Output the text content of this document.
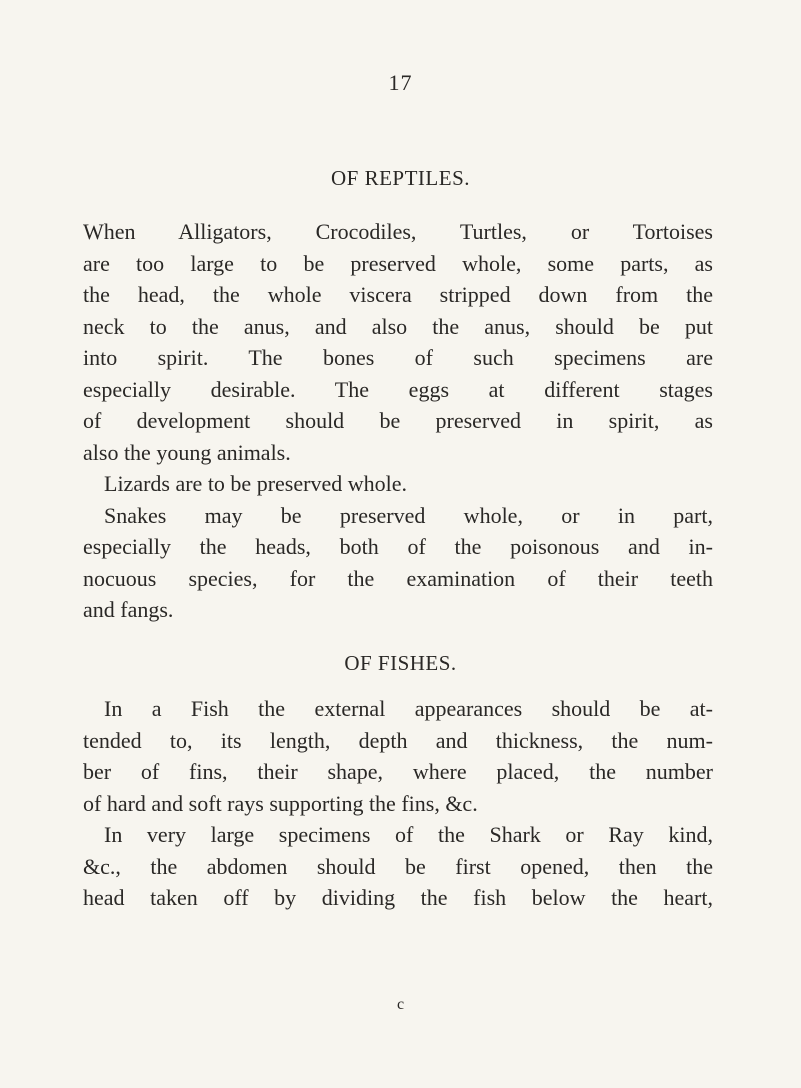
17
OF REPTILES.
When Alligators, Crocodiles, Turtles, or Tortoises
are too large to be preserved whole, some parts, as
the head, the whole viscera stripped down from the
neck to the anus, and also the anus, should be put
into spirit. The bones of such specimens are
especially desirable. The eggs at different stages
of development should be preserved in spirit, as
also the young animals.
Lizards are to be preserved whole.
Snakes may be preserved whole, or in part,
especially the heads, both of the poisonous and in-
nocuous species, for the examination of their teeth
and fangs.
OF FISHES.
In a Fish the external appearances should be at-
tended to, its length, depth and thickness, the num-
ber of fins, their shape, where placed, the number
of hard and soft rays supporting the fins, &c.
In very large specimens of the Shark or Ray kind,
&c., the abdomen should be first opened, then the
head taken off by dividing the fish below the heart,
c
